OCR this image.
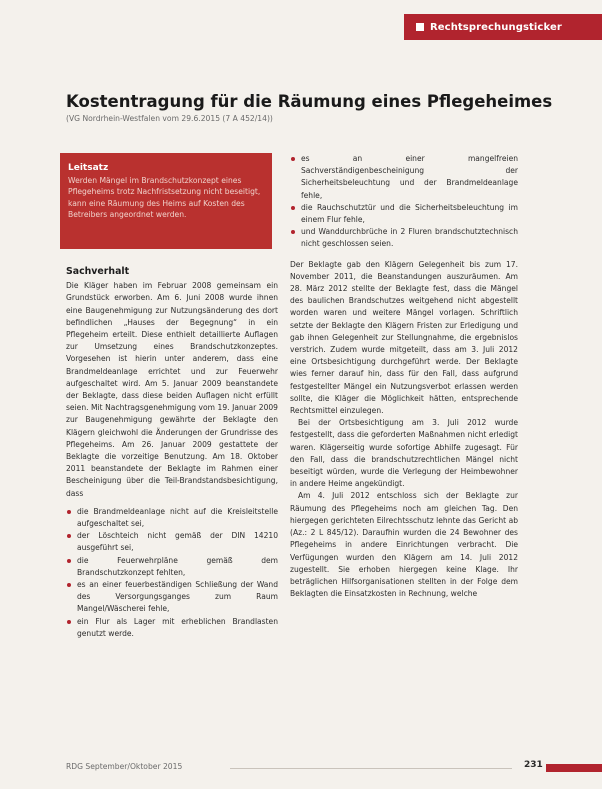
Rechtsprechungsticker
Kostentragung für die Räumung eines Pflegeheimes
(VG Nordrhein-Westfalen vom 29.6.2015 (7 A 452/14))
Leitsatz
Werden Mängel im Brandschutzkonzept eines Pflegeheims trotz Nachfristsetzung nicht beseitigt, kann eine Räumung des Heims auf Kosten des Betreibers angeordnet werden.
Sachverhalt
Die Kläger haben im Februar 2008 gemeinsam ein Grundstück erworben. Am 6. Juni 2008 wurde ihnen eine Baugenehmigung zur Nutzungsänderung des dort befindlichen „Hauses der Begegnung“ in ein Pflegeheim erteilt. Diese enthielt detaillierte Auflagen zur Umsetzung eines Brandschutzkonzeptes. Vorgesehen ist hierin unter anderem, dass eine Brandmeldeanlage errichtet und zur Feuerwehr aufgeschaltet wird. Am 5. Januar 2009 beanstandete der Beklagte, dass diese beiden Auflagen nicht erfüllt seien. Mit Nachtragsgenehmigung vom 19. Januar 2009 zur Baugenehmigung gewährte der Beklagte den Klägern gleichwohl die Änderungen der Grundrisse des Pflegeheims. Am 26. Januar 2009 gestattete der Beklagte die vorzeitige Benutzung. Am 18. Oktober 2011 beanstandete der Beklagte im Rahmen einer Bescheinigung über die Teil-Brandstandsbesichtigung, dass
die Brandmeldeanlage nicht auf die Kreisleitstelle aufgeschaltet sei,
der Löschteich nicht gemäß der DIN 14210 ausgeführt sei,
die Feuerwehrpläne gemäß dem Brandschutzkonzept fehlten,
es an einer feuerbeständigen Schließung der Wand des Versorgungsganges zum Raum Mangel/Wäscherei fehle,
ein Flur als Lager mit erheblichen Brandlasten genutzt werde.
es an einer mangelfreien Sachverständigenbescheinigung der Sicherheitsbeleuchtung und der Brandmeldeanlage fehle,
die Rauchschutztür und die Sicherheitsbeleuchtung im einem Flur fehle,
und Wanddurchbrüche in 2 Fluren brandschutztechnisch nicht geschlossen seien.
Der Beklagte gab den Klägern Gelegenheit bis zum 17. November 2011, die Beanstandungen auszuräumen. Am 28. März 2012 stellte der Beklagte fest, dass die Mängel des baulichen Brandschutzes weitgehend nicht abgestellt worden waren und weitere Mängel vorlagen. Schriftlich setzte der Beklagte den Klägern Fristen zur Erledigung und gab ihnen Gelegenheit zur Stellungnahme, die ergebnislos verstrich. Zudem wurde mitgeteilt, dass am 3. Juli 2012 eine Ortsbesichtigung durchgeführt werde. Der Beklagte wies ferner darauf hin, dass für den Fall, dass aufgrund festgestellter Mängel ein Nutzungsverbot erlassen werden sollte, die Kläger die Möglichkeit hätten, entsprechende Rechtsmittel einzulegen.
Bei der Ortsbesichtigung am 3. Juli 2012 wurde festgestellt, dass die geforderten Maßnahmen nicht erledigt waren. Klägerseitig wurde sofortige Abhilfe zugesagt. Für den Fall, dass die brandschutzrechtlichen Mängel nicht beseitigt würden, wurde die Verlegung der Heimbewohner in andere Heime angekündigt.
Am 4. Juli 2012 entschloss sich der Beklagte zur Räumung des Pflegeheims noch am gleichen Tag. Den hiergegen gerichteten Eilrechtsschutz lehnte das Gericht ab (Az.: 2 L 845/12). Daraufhin wurden die 24 Bewohner des Pflegeheims in andere Einrichtungen verbracht. Die Verfügungen wurden den Klägern am 14. Juli 2012 zugestellt. Sie erhoben hiergegen keine Klage. Ihr beträglichen Hilfsorganisationen stellten in der Folge dem Beklagten die Einsatzkosten in Rechnung, welche
RDG September/Oktober 2015	231
